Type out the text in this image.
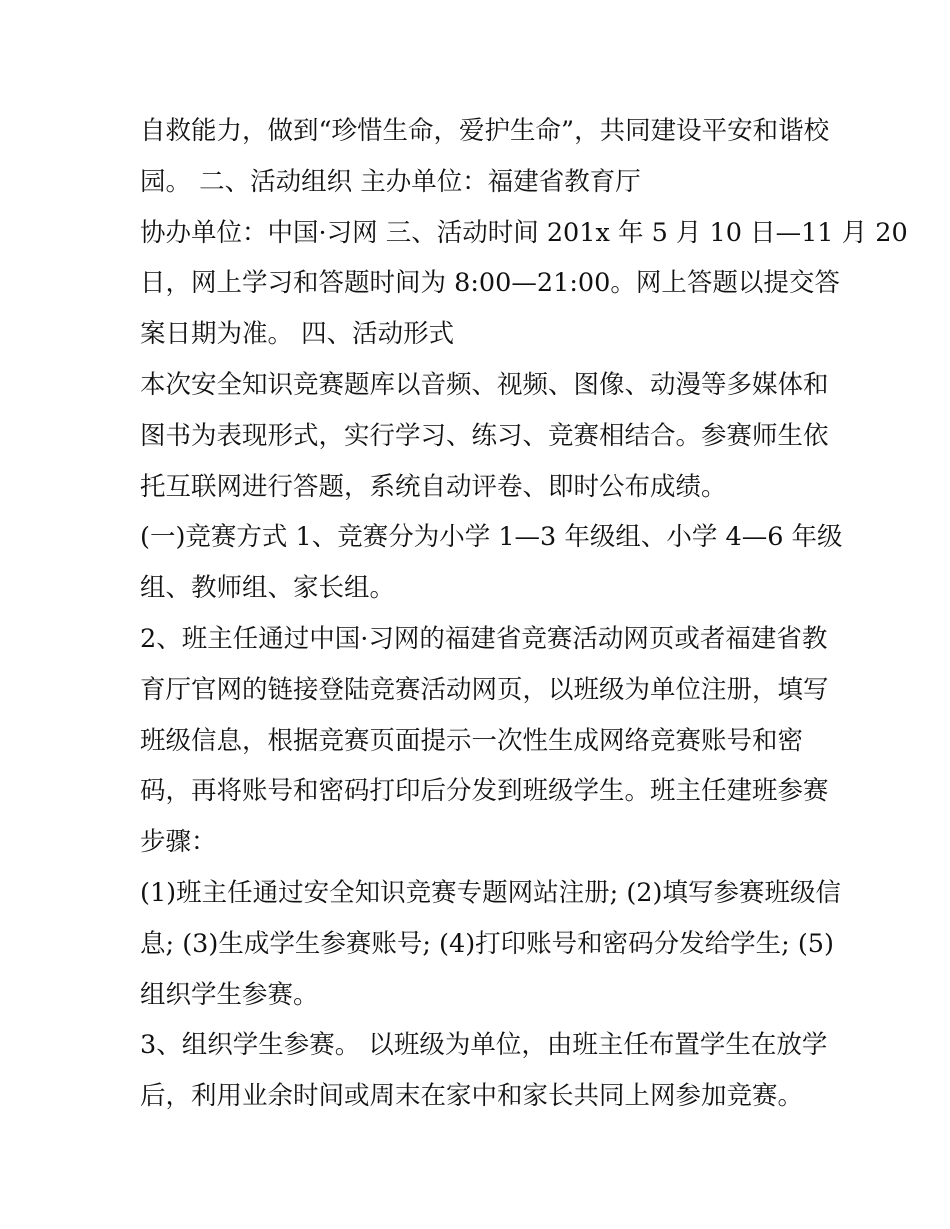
自救能力，做到“珍惜生命，爱护生命”，共同建设平安和谐校
园。 二、活动组织 主办单位：福建省教育厅
协办单位：中国·习网 三、活动时间 201x 年 5 月 10 日—11 月 20
日，网上学习和答题时间为 8:00—21:00。网上答题以提交答
案日期为准。 四、活动形式
本次安全知识竞赛题库以音频、视频、图像、动漫等多媒体和
图书为表现形式，实行学习、练习、竞赛相结合。参赛师生依
托互联网进行答题，系统自动评卷、即时公布成绩。
(一)竞赛方式 1、竞赛分为小学 1—3 年级组、小学 4—6 年级
组、教师组、家长组。
2、班主任通过中国·习网的福建省竞赛活动网页或者福建省教
育厅官网的链接登陆竞赛活动网页，以班级为单位注册，填写
班级信息，根据竞赛页面提示一次性生成网络竞赛账号和密
码，再将账号和密码打印后分发到班级学生。班主任建班参赛
步骤：
(1)班主任通过安全知识竞赛专题网站注册; (2)填写参赛班级信
息; (3)生成学生参赛账号; (4)打印账号和密码分发给学生; (5)
组织学生参赛。
3、组织学生参赛。 以班级为单位，由班主任布置学生在放学
后，利用业余时间或周末在家中和家长共同上网参加竞赛。
